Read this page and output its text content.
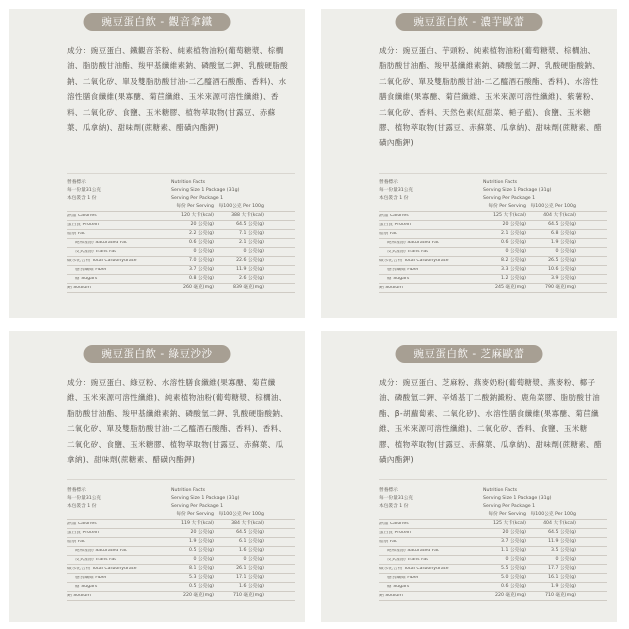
豌豆蛋白飲 - 觀音拿鐵
成分：豌豆蛋白、鐵觀音茶粉、純素植物油粉(葡萄糖漿、棕櫚油、脂肪酸甘油酯、羧甲基纖維素鈉、磷酸氫二鉀、乳酸硬脂酸鈉、二氧化矽、單及雙脂肪酸甘油-二乙醯酒石酸酯、香料)、水溶性膳食纖維(果寡醣、菊苣纖維、玉米來源可溶性纖維)、香料、二氧化矽、食鹽、玉米糖膠、植物萃取物(甘露豆、赤蘇葉、瓜拿納)、甜味劑(蔗糖素、醋磺內酯鉀)
營養標示	Nutrition Facts
每一份量31公克	Serving Size 1 Package (31g)
本包裝含 1 份	Serving Per Package 1
每份 Per Serving 每100公克 Per 100g
熱量 Calories	120 大卡(kcal)	388 大卡(kcal)
蛋白質 Protein	20 公克(g)	64.5 公克(g)
脂肪 Fat	2.2 公克(g)	7.1 公克(g)
飽和脂肪 Saturated Fat	0.6 公克(g)	2.1 公克(g)
反式脂肪 Trans Fat	0 公克(g)	0 公克(g)
碳水化合物 Total Carbohydrate	7.0 公克(g)	22.6 公克(g)
膳食纖維 Fiber	3.7 公克(g)	11.9 公克(g)
糖 Sugars	0.8 公克(g)	2.6 公克(g)
鈉 Sodium	260 毫克(mg)	839 毫克(mg)
豌豆蛋白飲 - 濃芋歐蕾
成分：豌豆蛋白、芋頭粉、純素植物油粉(葡萄糖漿、棕櫚油、脂肪酸甘油酯、羧甲基纖維素鈉、磷酸氫二鉀、乳酸硬脂酸鈉、二氧化矽、單及雙脂肪酸甘油-二乙醯酒石酸酯、香料)、水溶性膳食纖維(果寡醣、菊苣纖維、玉米來源可溶性纖維)、紫薯粉、二氧化矽、香料、天然色素(紅甜菜、梔子藍)、食鹽、玉米糖膠、植物萃取物(甘露豆、赤蘇葉、瓜拿納)、甜味劑(蔗糖素、醋磺內酯鉀)
營養標示	Nutrition Facts
每一份量31公克	Serving Size 1 Package (31g)
本包裝含 1 份	Serving Per Package 1
每份 Per Serving 每100公克 Per 100g
熱量 Calories	125 大卡(kcal)	404 大卡(kcal)
蛋白質 Protein	20 公克(g)	64.5 公克(g)
脂肪 Fat	2.1 公克(g)	6.8 公克(g)
飽和脂肪 Saturated Fat	0.6 公克(g)	1.9 公克(g)
反式脂肪 Trans Fat	0 公克(g)	0 公克(g)
碳水化合物 Total Carbohydrate	8.2 公克(g)	26.5 公克(g)
膳食纖維 Fiber	3.3 公克(g)	10.6 公克(g)
糖 Sugars	1.2 公克(g)	3.9 公克(g)
鈉 Sodium	245 毫克(mg)	790 毫克(mg)
豌豆蛋白飲 - 綠豆沙沙
成分：豌豆蛋白、綠豆粉、水溶性膳食纖維(果寡醣、菊苣纖維、玉米來源可溶性纖維)、純素植物油粉(葡萄糖漿、棕櫚油、脂肪酸甘油酯、羧甲基纖維素鈉、磷酸氫二鉀、乳酸硬脂酸鈉、二氧化矽、單及雙脂肪酸甘油-二乙醯酒石酸酯、香料)、香料、二氧化矽、食鹽、玉米糖膠、植物萃取物(甘露豆、赤蘇葉、瓜拿納)、甜味劑(蔗糖素、醋磺內酯鉀)
營養標示	Nutrition Facts
每一份量31公克	Serving Size 1 Package (31g)
本包裝含 1 份	Serving Per Package 1
每份 Per Serving 每100公克 Per 100g
熱量 Calories	119 大卡(kcal)	384 大卡(kcal)
蛋白質 Protein	20 公克(g)	64.5 公克(g)
脂肪 Fat	1.9 公克(g)	6.1 公克(g)
飽和脂肪 Saturated Fat	0.5 公克(g)	1.6 公克(g)
反式脂肪 Trans Fat	0 公克(g)	0 公克(g)
碳水化合物 Total Carbohydrate	8.1 公克(g)	26.1 公克(g)
膳食纖維 Fiber	5.3 公克(g)	17.1 公克(g)
糖 Sugars	0.5 公克(g)	1.6 公克(g)
鈉 Sodium	220 毫克(mg)	710 毫克(mg)
豌豆蛋白飲 - 芝麻歐蕾
成分：豌豆蛋白、芝麻粉、燕麥奶粉(葡萄糖漿、燕麥粉、椰子油、磷酸氫二鉀、辛烯基丁二酸鈉澱粉、鹿角菜膠、脂肪酸甘油酯、β-胡蘿蔔素、二氧化矽)、水溶性膳食纖維(果寡醣、菊苣纖維、玉米來源可溶性纖維)、二氧化矽、香料、食鹽、玉米糖膠、植物萃取物(甘露豆、赤蘇葉、瓜拿納)、甜味劑(蔗糖素、醋磺內酯鉀)
營養標示	Nutrition Facts
每一份量31公克	Serving Size 1 Package (31g)
本包裝含 1 份	Serving Per Package 1
每份 Per Serving 每100公克 Per 100g
熱量 Calories	125 大卡(kcal)	404 大卡(kcal)
蛋白質 Protein	20 公克(g)	64.5 公克(g)
脂肪 Fat	3.7 公克(g)	11.9 公克(g)
飽和脂肪 Saturated Fat	1.1 公克(g)	3.5 公克(g)
反式脂肪 Trans Fat	0 公克(g)	0 公克(g)
碳水化合物 Total Carbohydrate	5.5 公克(g)	17.7 公克(g)
膳食纖維 Fiber	5.0 公克(g)	16.1 公克(g)
糖 Sugars	0.6 公克(g)	1.9 公克(g)
鈉 Sodium	220 毫克(mg)	710 毫克(mg)
